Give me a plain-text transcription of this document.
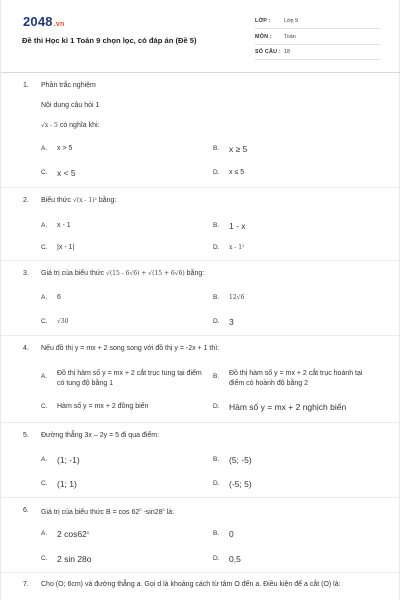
2048.vn
Đề thi Học kì 1 Toán 9 chọn lọc, có đáp án (Đề 5)
LỚP : Lớp 9
MÔN : Toán
SỐ CÂU : 18
1. Phần trắc nghiệm
Nội dung câu hỏi 1
√x - 5 có nghĩa khi:
A. x > 5	B. x ≥ 5
C. x < 5	D. x ≤ 5
2. Biểu thức √(x - 1)² bằng:
A. x - 1	B. 1 - x
C. |x - 1|	D. x - 1²
3. Giá trị của biểu thức √(15 - 6√6) + √(15 + 6√6) bằng:
A. 6	B. 12√6
C. √30	D. 3
4. Nếu đồ thị y = mx + 2 song song với đồ thị y = -2x + 1 thì:
A. Đồ thị hàm số y = mx + 2 cắt trục tung tại điểm có tung độ bằng 1
B. Đồ thị hàm số y = mx + 2 cắt trục hoành tại điểm có hoành độ bằng 2
C. Hàm số y = mx + 2 đồng biến	D. Hàm số y = mx + 2 nghịch biến
5. Đường thẳng 3x – 2y = 5 đi qua điểm:
A. (1; -1)	B. (5; -5)
C. (1; 1)	D. (-5; 5)
6. Giá trị của biểu thức $B = \cos 62^0$ $-\sin 28^0$ là:
A. 2 $\cos 62^0$	B. 0
C. 2 sin 28o	D. 0,5
7. Cho (O; 6cm) và đường thẳng a. Gọi d là khoảng cách từ tâm O đến a. Điều kiện để a cắt (O) là:
